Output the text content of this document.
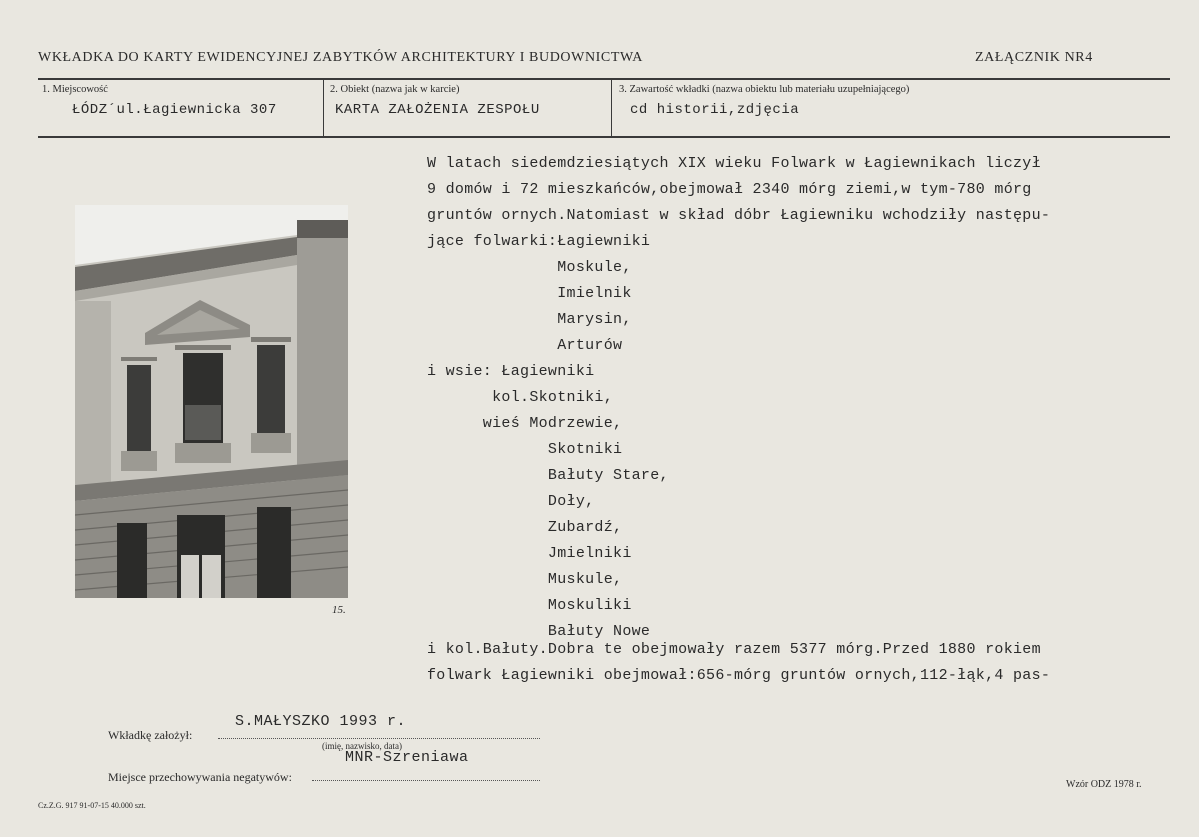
WKŁADKA DO KARTY EWIDENCYJNEJ ZABYTKÓW ARCHITEKTURY I BUDOWNICTWA	ZAŁĄCZNIK NR4
1. Miejscowość
ŁÓDZ´ul.Łagiewnicka 307
2. Obiekt (nazwa jak w karcie)
KARTA ZAŁOŻENIA ZESPOŁU
3. Zawartość wkładki (nazwa obiektu lub materiału uzupełniającego)
cd historii,zdjęcia
15.
W latach siedemdziesiątych XIX wieku Folwark w Łagiewnikach liczył
9 domów i 72 mieszkańców,obejmował 2340 mórg ziemi,w tym-780 mórg
gruntów ornych.Natomiast w skład dóbr Łagiewniku wchodziły następu-
jące folwarki:Łagiewniki
Moskule,
Imielnik
Marysin,
Arturów
i wsie: Łagiewniki
kol.Skotniki,
wieś Modrzewie,
Skotniki
Bałuty Stare,
Doły,
Zubardź,
Jmielniki
Muskule,
Moskuliki
Bałuty Nowe
i kol.Bałuty.Dobra te obejmowały razem 5377 mórg.Przed 1880 rokiem
folwark Łagiewniki obejmował:656-mórg gruntów ornych,112-łąk,4 pas-
Wkładkę założył:
S.MAŁYSZKO 1993 r.
(imię, nazwisko, data)
Miejsce przechowywania negatywów:
MNR-Szreniawa
Cz.Z.G. 917 91-07-15 40.000 szt.
Wzór ODZ 1978 r.
